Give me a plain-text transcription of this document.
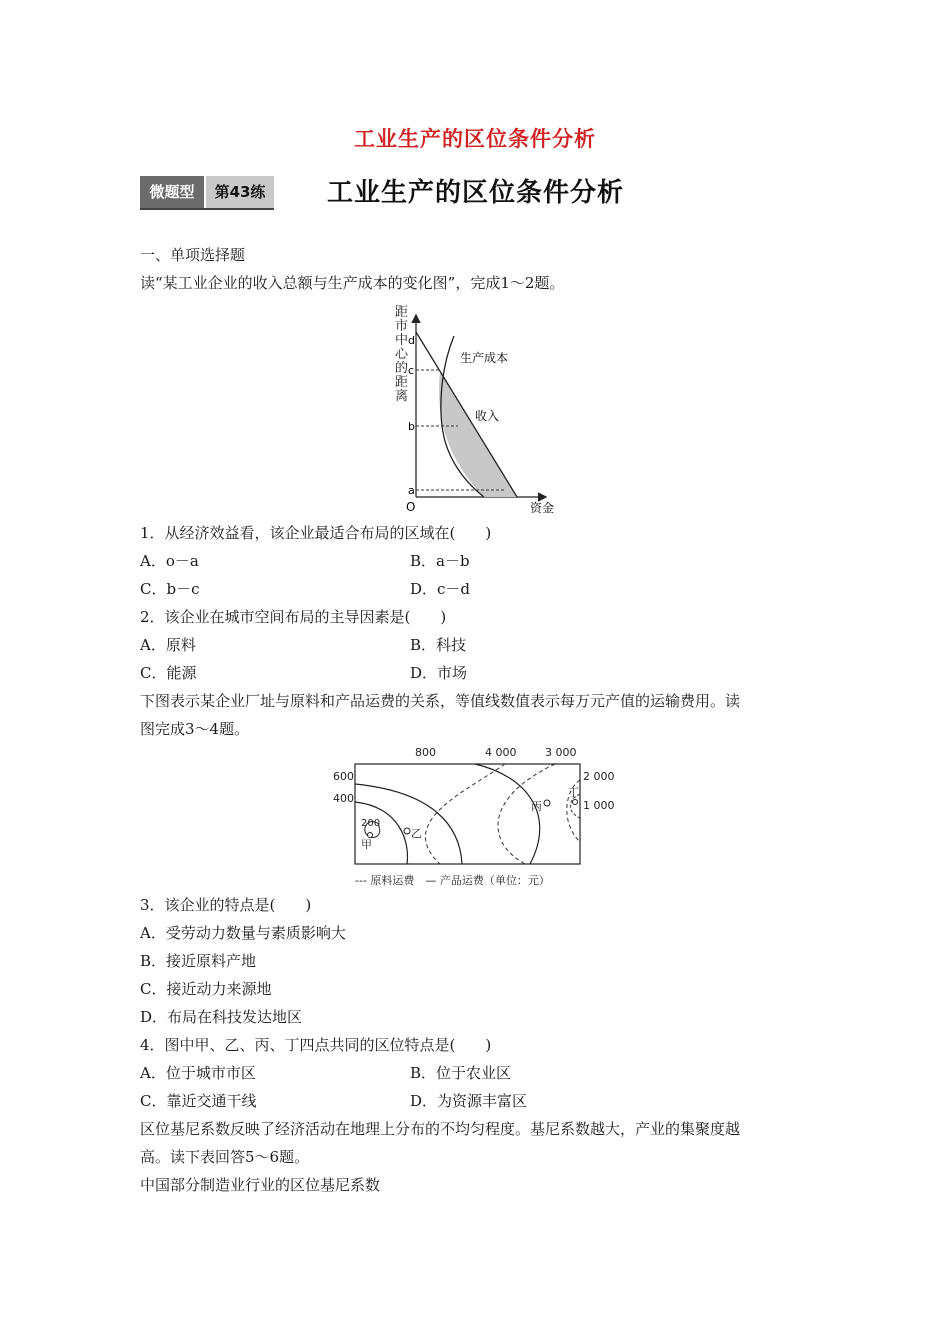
工业生产的区位条件分析
微题型	第43练	工业生产的区位条件分析
一、单项选择题
读“某工业企业的收入总额与生产成本的变化图”，完成1～2题。
距
市
中
心
的
距
离
a
b
c
d
O	资金
生产成本
收入
1．从经济效益看，该企业最适合布局的区域在(　　)
A．o－a	B．a－b
C．b－c	D．c－d
2．该企业在城市空间布局的主导因素是(　　)
A．原料	B．科技
C．能源	D．市场
下图表示某企业厂址与原料和产品运费的关系，等值线数值表示每万元产值的运输费用。读
图完成3～4题。
800	4 000	3 000
600
400
2 000
1 000
200
甲
乙
丙
丁
--- 原料运费　— 产品运费（单位：元）
3．该企业的特点是(　　)
A．受劳动力数量与素质影响大
B．接近原料产地
C．接近动力来源地
D．布局在科技发达地区
4．图中甲、乙、丙、丁四点共同的区位特点是(　　)
A．位于城市市区	B．位于农业区
C．靠近交通干线	D．为资源丰富区
区位基尼系数反映了经济活动在地理上分布的不均匀程度。基尼系数越大，产业的集聚度越
高。读下表回答5～6题。
中国部分制造业行业的区位基尼系数
